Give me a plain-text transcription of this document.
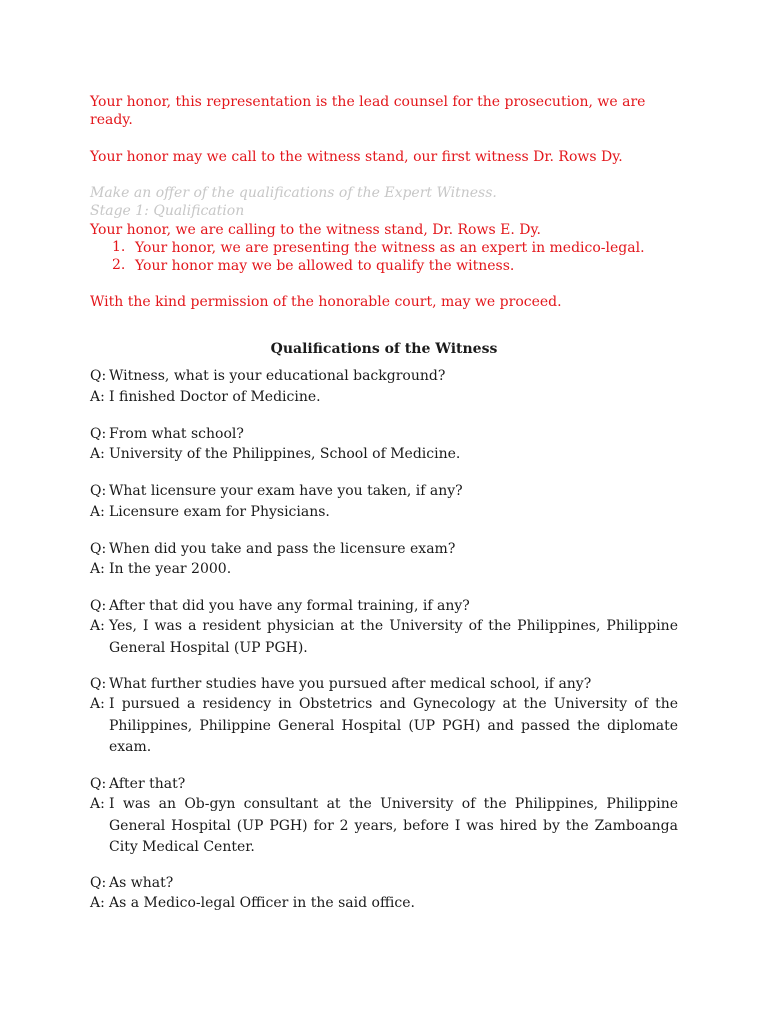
Your honor, this representation is the lead counsel for the prosecution, we are
ready.
Your honor may we call to the witness stand, our first witness Dr. Rows Dy.
Make an offer of the qualifications of the Expert Witness.
Stage 1: Qualification
Your honor, we are calling to the witness stand, Dr. Rows E. Dy.
1. Your honor, we are presenting the witness as an expert in medico-legal.
2. Your honor may we be allowed to qualify the witness.
With the kind permission of the honorable court, may we proceed.
Qualifications of the Witness
Q: Witness, what is your educational background?
A: I finished Doctor of Medicine.
Q: From what school?
A: University of the Philippines, School of Medicine.
Q: What licensure your exam have you taken, if any?
A: Licensure exam for Physicians.
Q: When did you take and pass the licensure exam?
A: In the year 2000.
Q: After that did you have any formal training, if any?
A: Yes, I was a resident physician at the University of the Philippines, Philippine General Hospital (UP PGH).
Q: What further studies have you pursued after medical school, if any?
A: I pursued a residency in Obstetrics and Gynecology at the University of the Philippines, Philippine General Hospital (UP PGH) and passed the diplomate exam.
Q: After that?
A: I was an Ob-gyn consultant at the University of the Philippines, Philippine General Hospital (UP PGH) for 2 years, before I was hired by the Zamboanga City Medical Center.
Q: As what?
A: As a Medico-legal Officer in the said office.
